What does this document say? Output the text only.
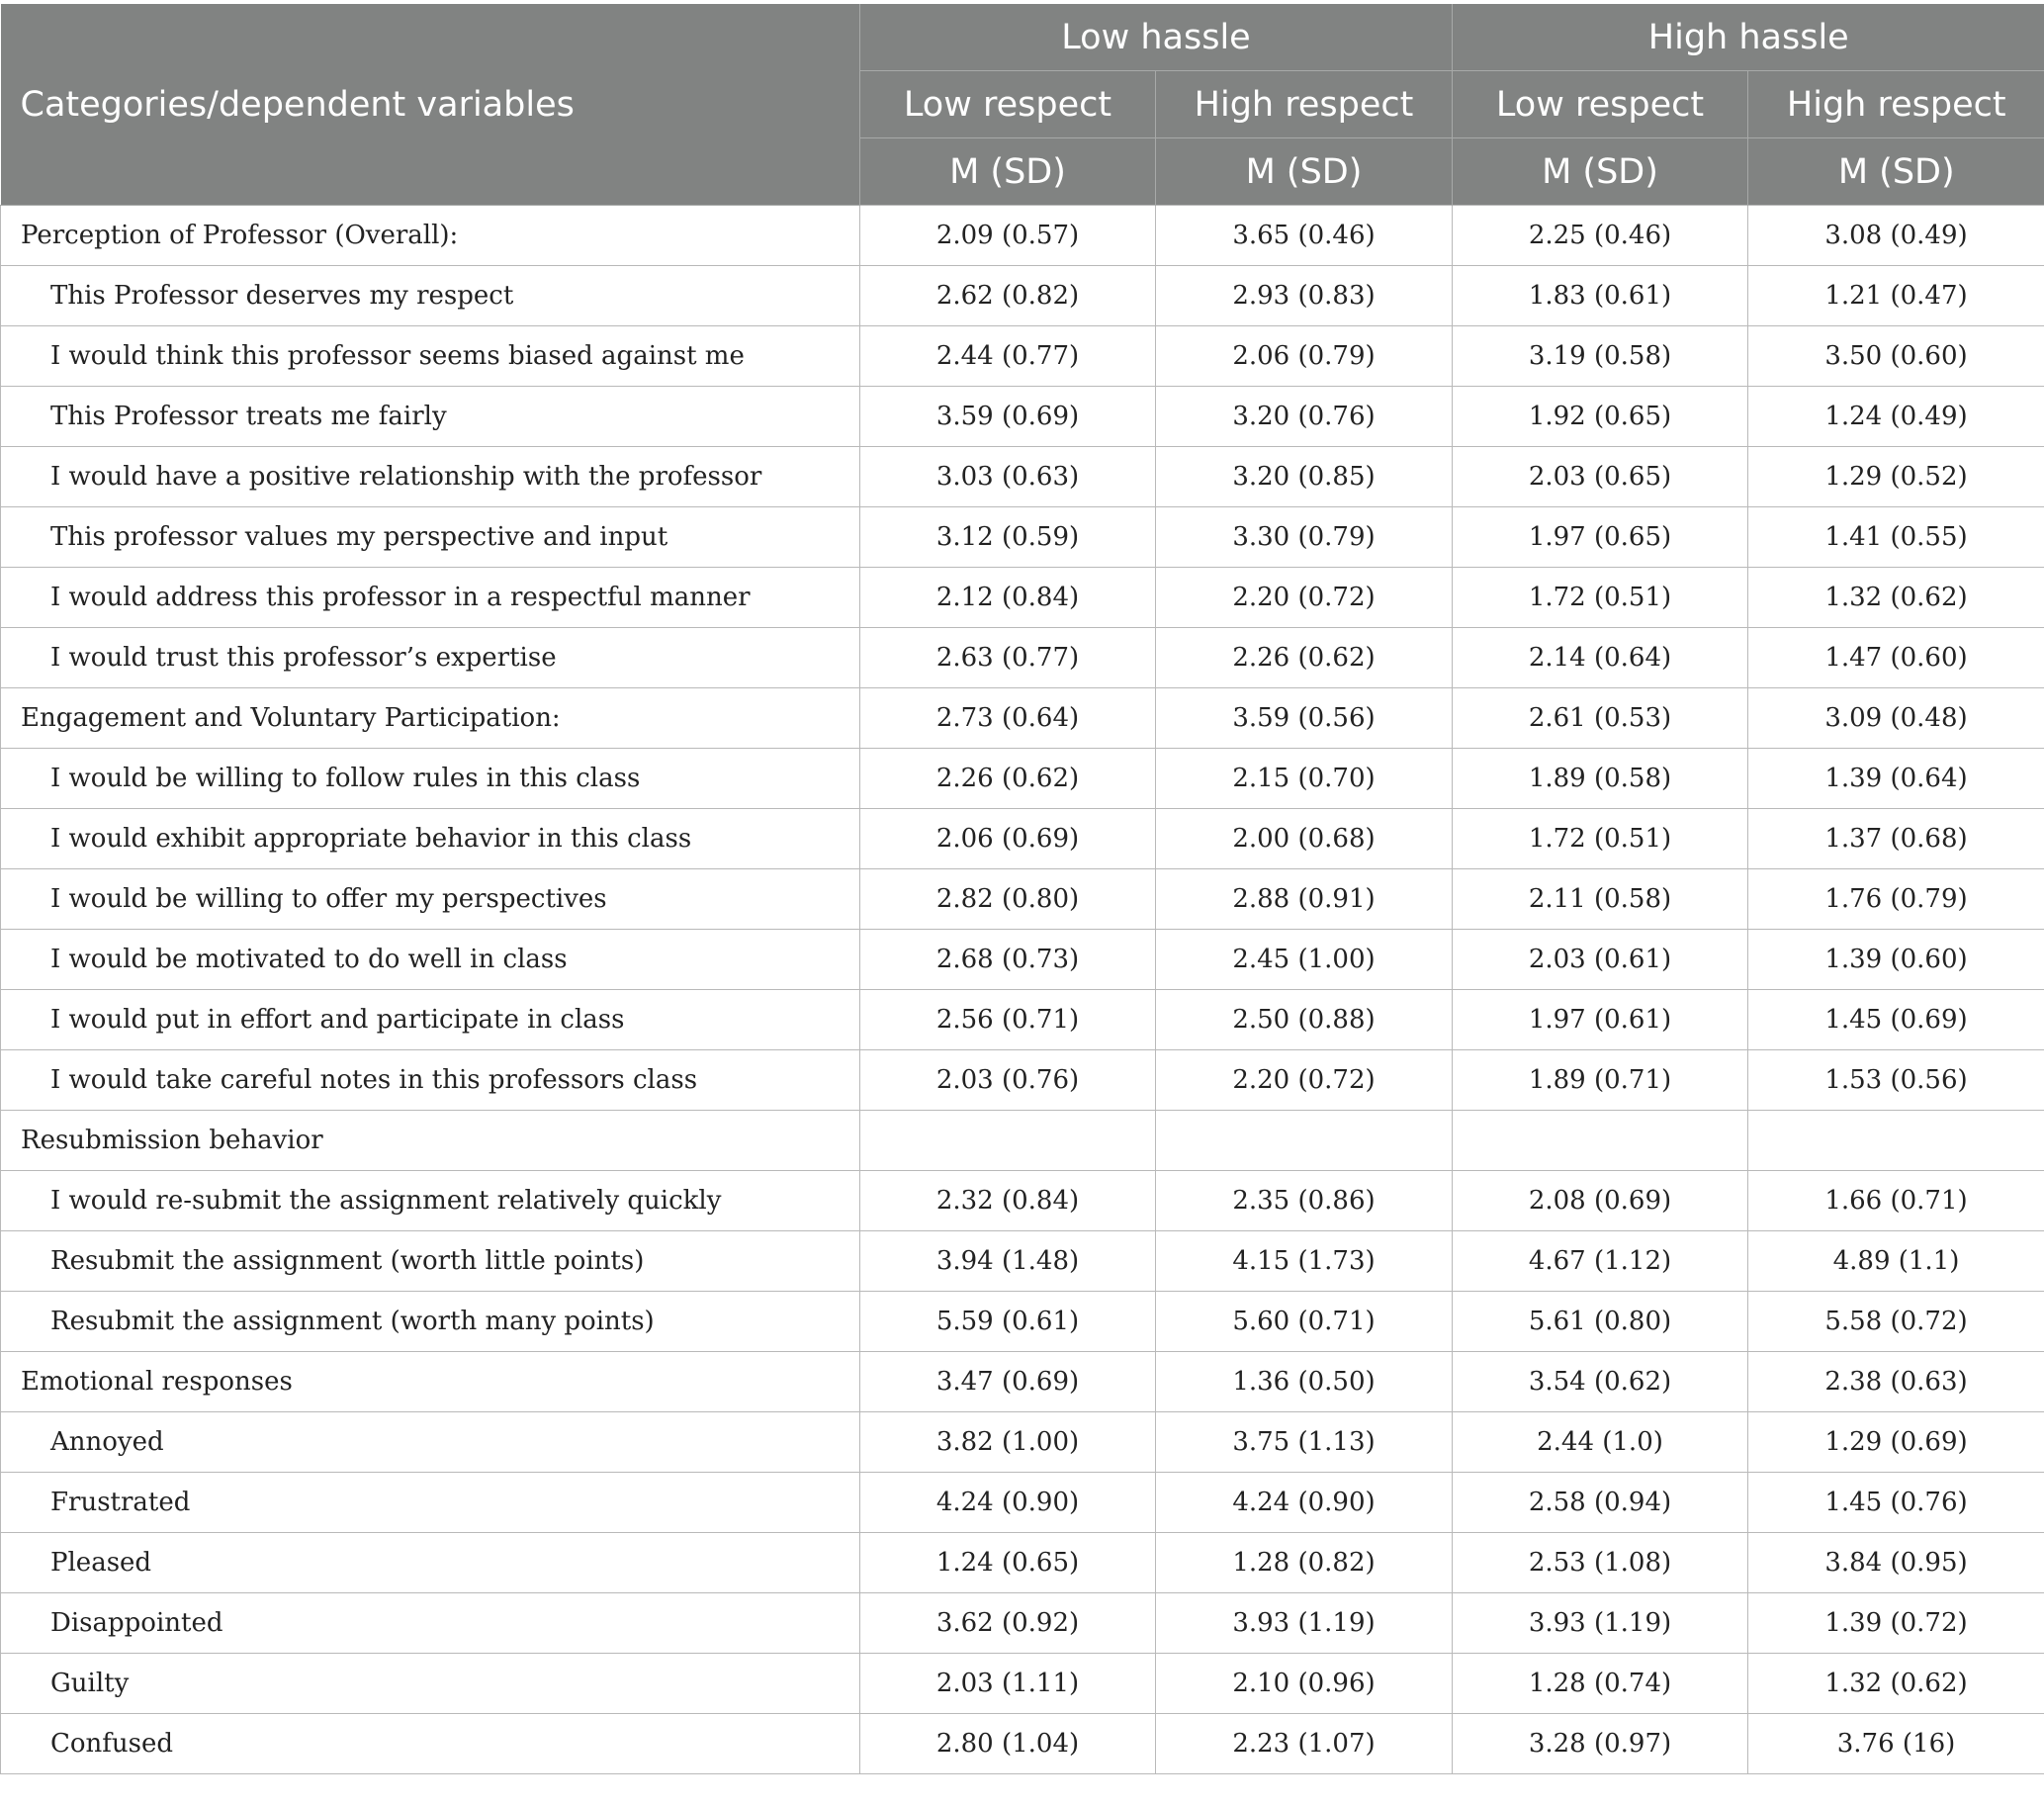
Categories/dependent variables	Low hassle		High hassle	
	Low respect	High respect	Low respect	High respect
	M (SD)	M (SD)	M (SD)	M (SD)
Perception of Professor (Overall):	2.09 (0.57)	3.65 (0.46)	2.25 (0.46)	3.08 (0.49)
This Professor deserves my respect	2.62 (0.82)	2.93 (0.83)	1.83 (0.61)	1.21 (0.47)
I would think this professor seems biased against me	2.44 (0.77)	2.06 (0.79)	3.19 (0.58)	3.50 (0.60)
This Professor treats me fairly	3.59 (0.69)	3.20 (0.76)	1.92 (0.65)	1.24 (0.49)
I would have a positive relationship with the professor	3.03 (0.63)	3.20 (0.85)	2.03 (0.65)	1.29 (0.52)
This professor values my perspective and input	3.12 (0.59)	3.30 (0.79)	1.97 (0.65)	1.41 (0.55)
I would address this professor in a respectful manner	2.12 (0.84)	2.20 (0.72)	1.72 (0.51)	1.32 (0.62)
I would trust this professor’s expertise	2.63 (0.77)	2.26 (0.62)	2.14 (0.64)	1.47 (0.60)
Engagement and Voluntary Participation:	2.73 (0.64)	3.59 (0.56)	2.61 (0.53)	3.09 (0.48)
I would be willing to follow rules in this class	2.26 (0.62)	2.15 (0.70)	1.89 (0.58)	1.39 (0.64)
I would exhibit appropriate behavior in this class	2.06 (0.69)	2.00 (0.68)	1.72 (0.51)	1.37 (0.68)
I would be willing to offer my perspectives	2.82 (0.80)	2.88 (0.91)	2.11 (0.58)	1.76 (0.79)
I would be motivated to do well in class	2.68 (0.73)	2.45 (1.00)	2.03 (0.61)	1.39 (0.60)
I would put in effort and participate in class	2.56 (0.71)	2.50 (0.88)	1.97 (0.61)	1.45 (0.69)
I would take careful notes in this professors class	2.03 (0.76)	2.20 (0.72)	1.89 (0.71)	1.53 (0.56)
Resubmission behavior				
I would re-submit the assignment relatively quickly	2.32 (0.84)	2.35 (0.86)	2.08 (0.69)	1.66 (0.71)
Resubmit the assignment (worth little points)	3.94 (1.48)	4.15 (1.73)	4.67 (1.12)	4.89 (1.1)
Resubmit the assignment (worth many points)	5.59 (0.61)	5.60 (0.71)	5.61 (0.80)	5.58 (0.72)
Emotional responses	3.47 (0.69)	1.36 (0.50)	3.54 (0.62)	2.38 (0.63)
Annoyed	3.82 (1.00)	3.75 (1.13)	2.44 (1.0)	1.29 (0.69)
Frustrated	4.24 (0.90)	4.24 (0.90)	2.58 (0.94)	1.45 (0.76)
Pleased	1.24 (0.65)	1.28 (0.82)	2.53 (1.08)	3.84 (0.95)
Disappointed	3.62 (0.92)	3.93 (1.19)	3.93 (1.19)	1.39 (0.72)
Guilty	2.03 (1.11)	2.10 (0.96)	1.28 (0.74)	1.32 (0.62)
Confused	2.80 (1.04)	2.23 (1.07)	3.28 (0.97)	3.76 (16)
